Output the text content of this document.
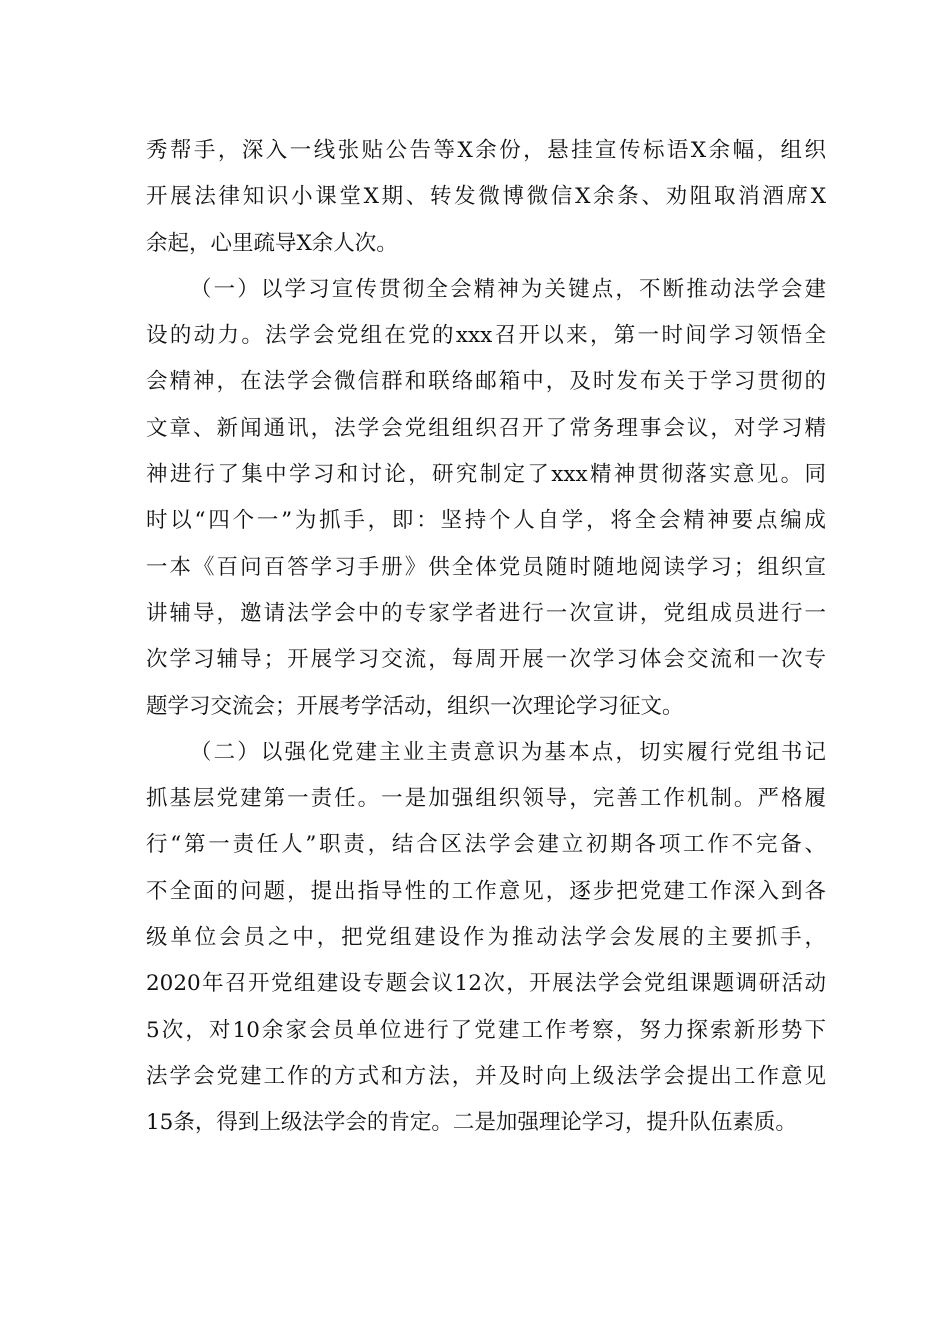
秀帮手，深入一线张贴公告等X余份，悬挂宣传标语X余幅，组织
开展法律知识小课堂X期、转发微博微信X余条、劝阻取消酒席X
余起，心里疏导X余人次。
（一）以学习宣传贯彻全会精神为关键点，不断推动法学会建
设的动力。法学会党组在党的xxx召开以来，第一时间学习领悟全
会精神，在法学会微信群和联络邮箱中，及时发布关于学习贯彻的
文章、新闻通讯，法学会党组组织召开了常务理事会议，对学习精
神进行了集中学习和讨论，研究制定了xxx精神贯彻落实意见。同
时以“四个一”为抓手，即：坚持个人自学，将全会精神要点编成
一本《百问百答学习手册》供全体党员随时随地阅读学习；组织宣
讲辅导，邀请法学会中的专家学者进行一次宣讲，党组成员进行一
次学习辅导；开展学习交流，每周开展一次学习体会交流和一次专
题学习交流会；开展考学活动，组织一次理论学习征文。
（二）以强化党建主业主责意识为基本点，切实履行党组书记
抓基层党建第一责任。一是加强组织领导，完善工作机制。严格履
行“第一责任人”职责，结合区法学会建立初期各项工作不完备、
不全面的问题，提出指导性的工作意见，逐步把党建工作深入到各
级单位会员之中，把党组建设作为推动法学会发展的主要抓手，
2020年召开党组建设专题会议12次，开展法学会党组课题调研活动
5次，对10余家会员单位进行了党建工作考察，努力探索新形势下
法学会党建工作的方式和方法，并及时向上级法学会提出工作意见
15条，得到上级法学会的肯定。二是加强理论学习，提升队伍素质。
